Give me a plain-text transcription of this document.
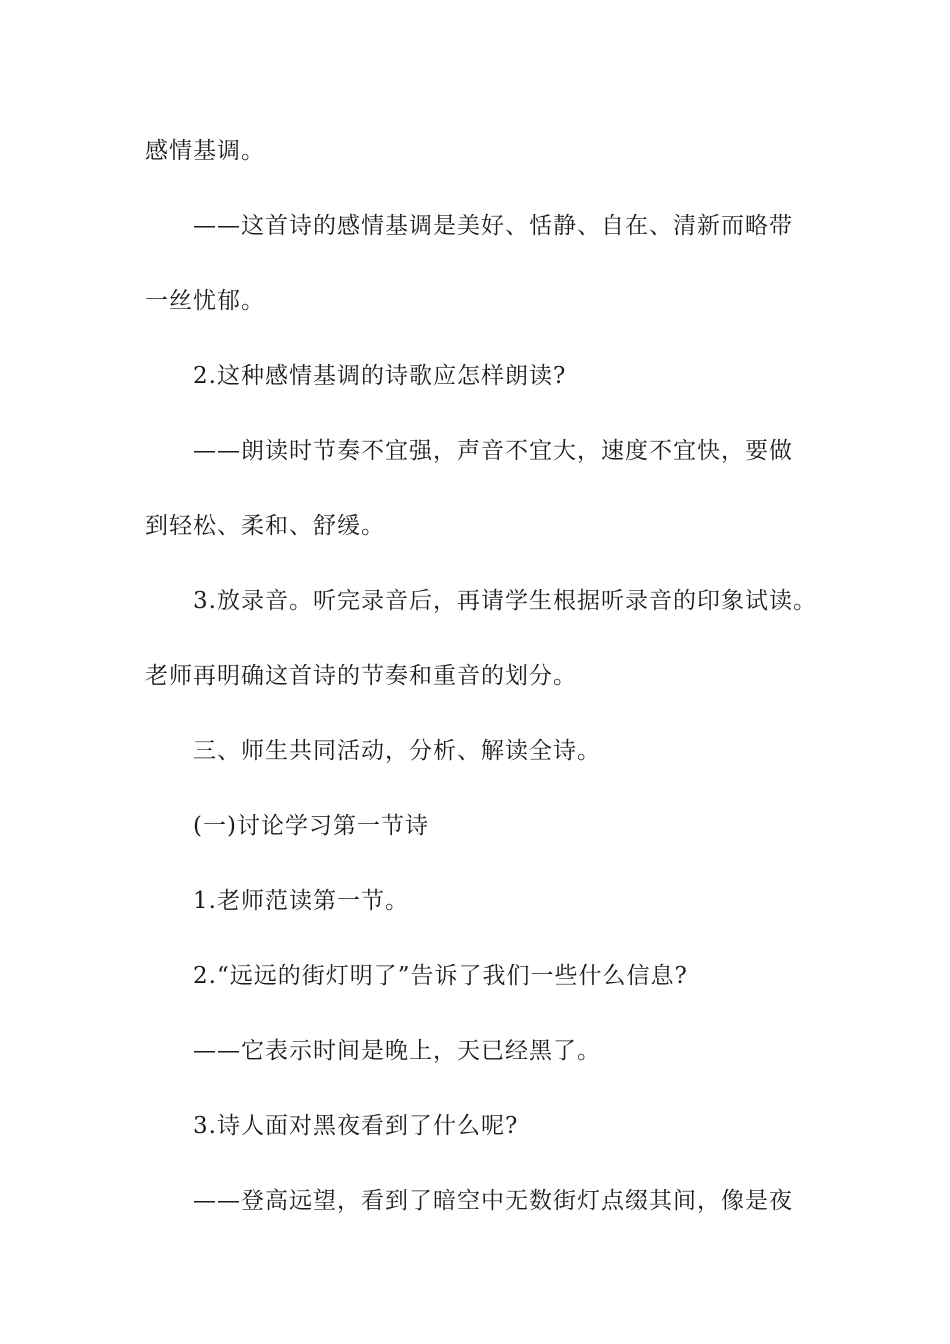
感情基调。
——这首诗的感情基调是美好、恬静、自在、清新而略带
一丝忧郁。
2.这种感情基调的诗歌应怎样朗读?
——朗读时节奏不宜强，声音不宜大，速度不宜快，要做
到轻松、柔和、舒缓。
3.放录音。听完录音后，再请学生根据听录音的印象试读。
老师再明确这首诗的节奏和重音的划分。
三、师生共同活动，分析、解读全诗。
(一)讨论学习第一节诗
1.老师范读第一节。
2.“远远的街灯明了”告诉了我们一些什么信息?
——它表示时间是晚上，天已经黑了。
3.诗人面对黑夜看到了什么呢?
——登高远望，看到了暗空中无数街灯点缀其间，像是夜
